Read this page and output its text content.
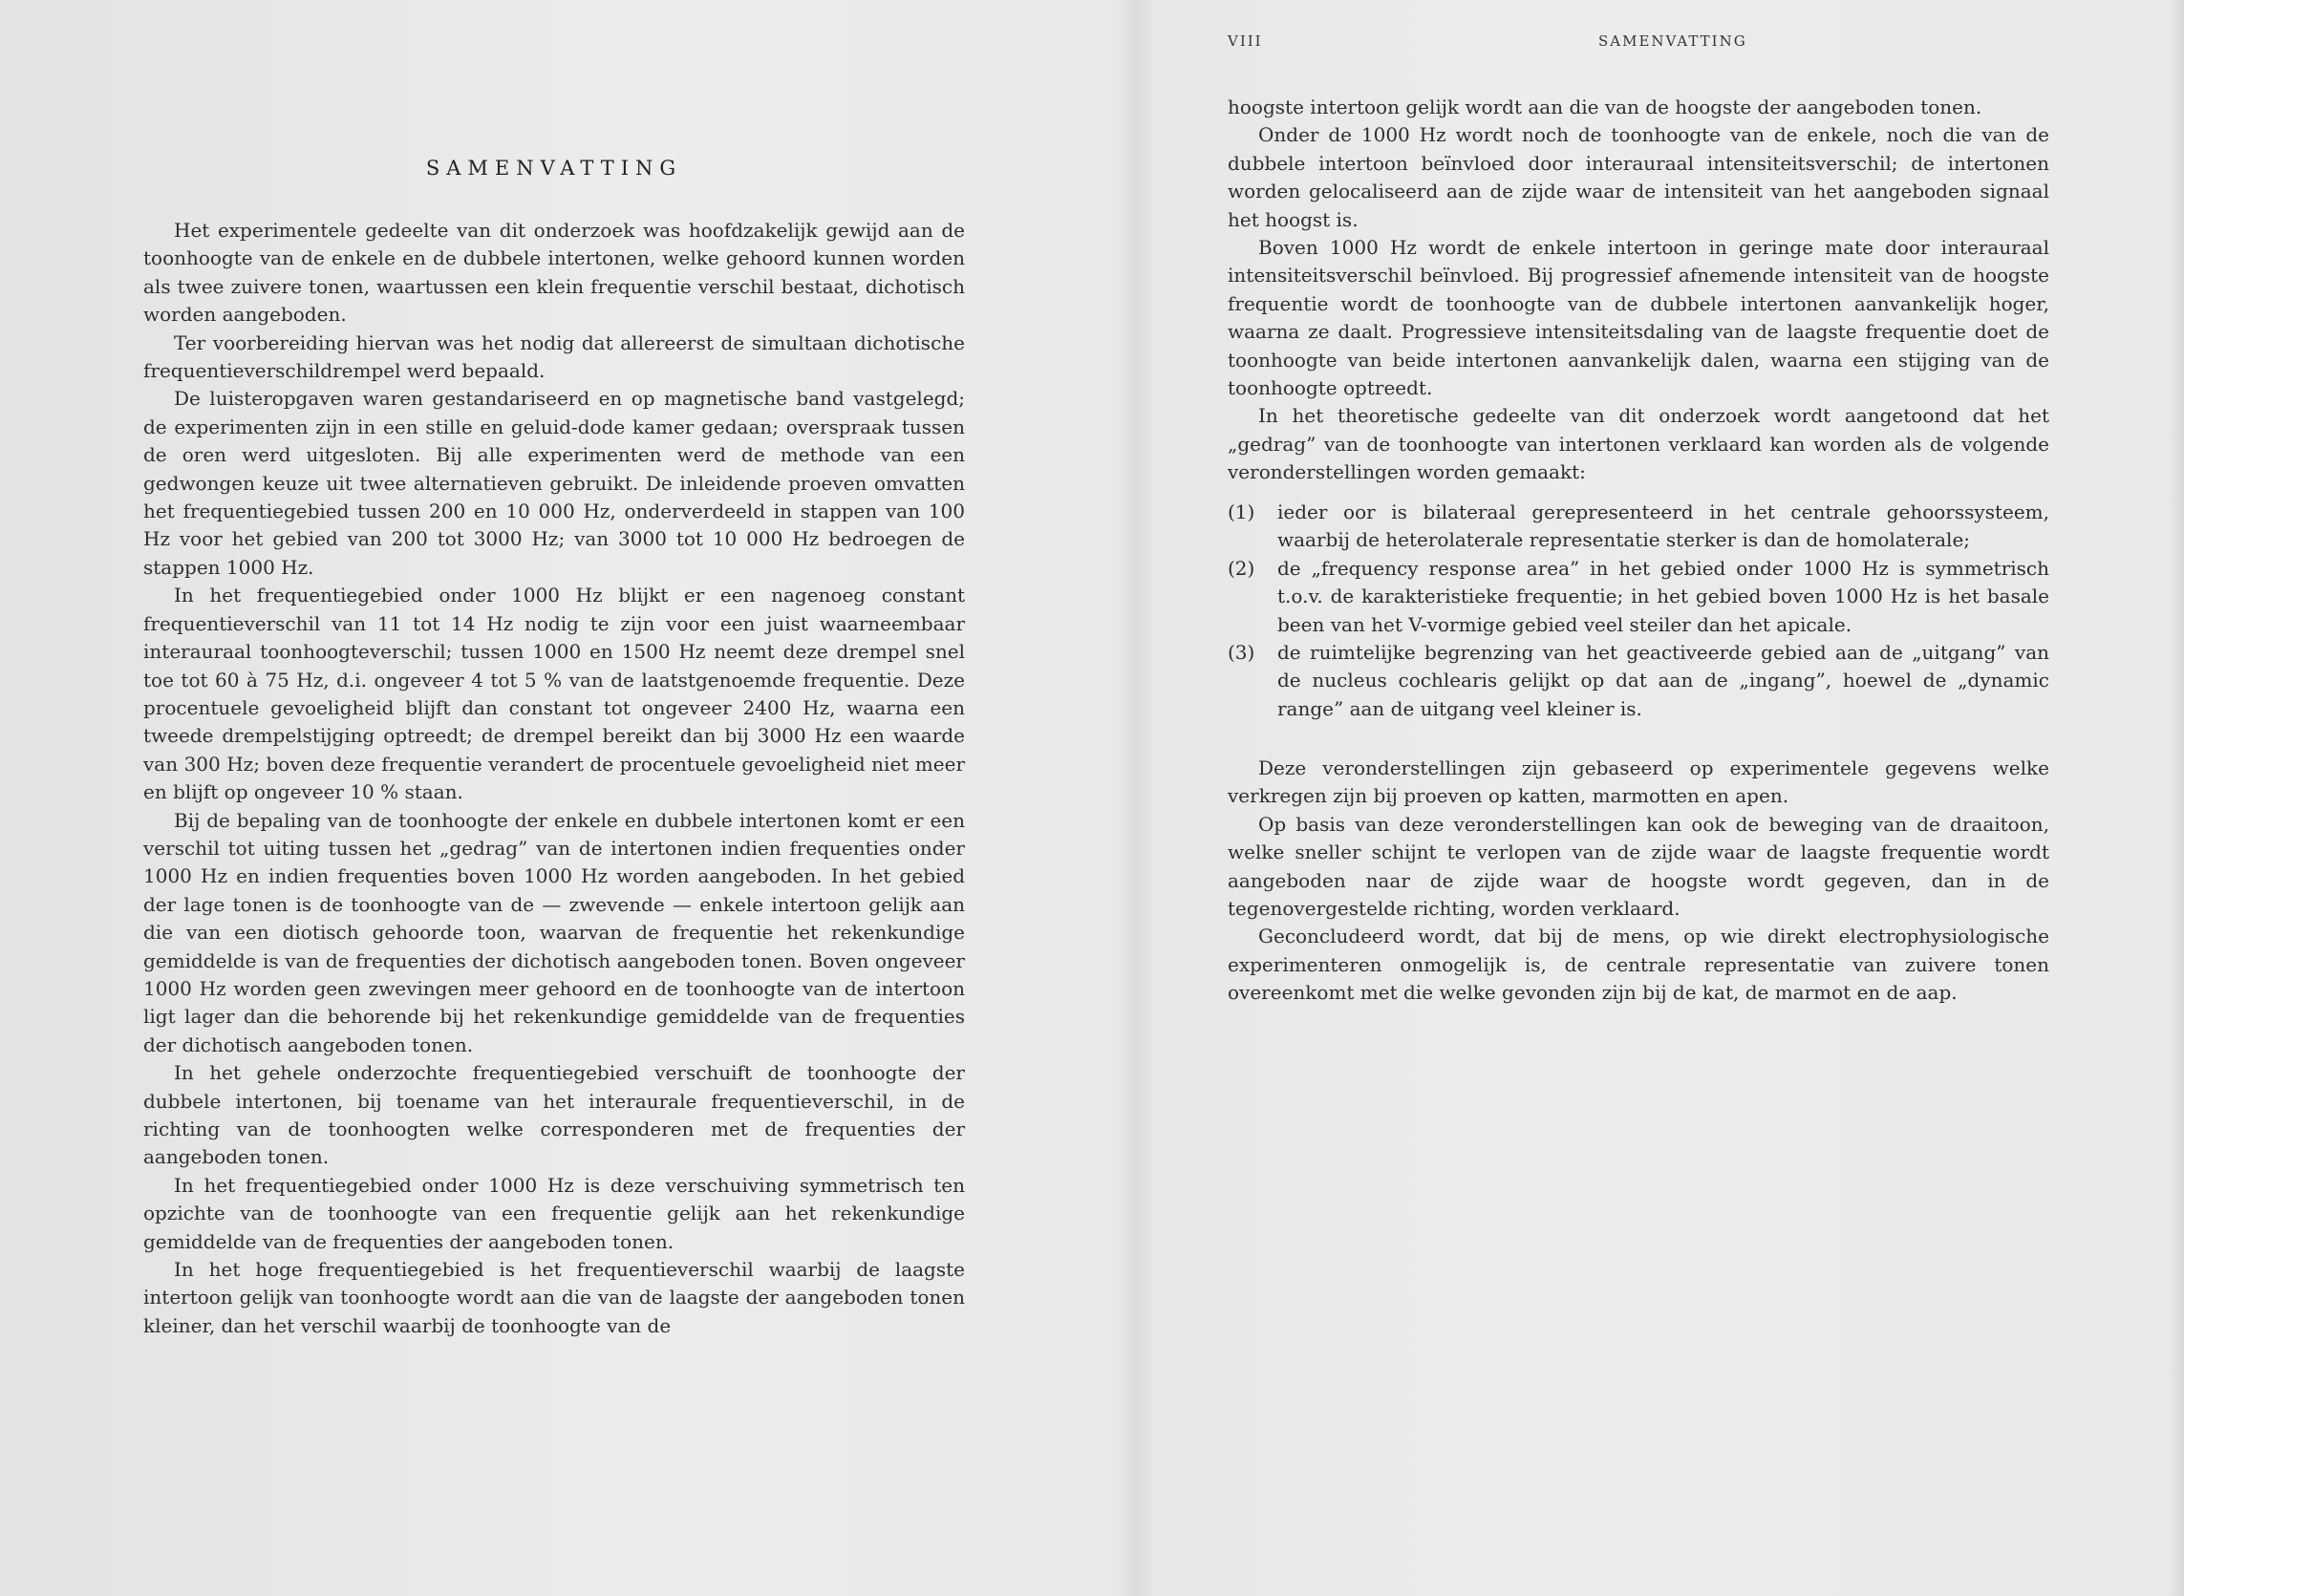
SAMENVATTING

Het experimentele gedeelte van dit onderzoek was hoofdzakelijk gewijd aan de toonhoogte van de enkele en de dubbele intertonen, welke gehoord kunnen worden als twee zuivere tonen, waartussen een klein frequentie verschil bestaat, dichotisch worden aangeboden.

Ter voorbereiding hiervan was het nodig dat allereerst de simultaan dichotische frequentieverschildrempel werd bepaald.

De luisteropgaven waren gestandariseerd en op magnetische band vastgelegd; de experimenten zijn in een stille en geluid-dode kamer gedaan; overspraak tussen de oren werd uitgesloten. Bij alle experimenten werd de methode van een gedwongen keuze uit twee alternatieven gebruikt. De inleidende proeven omvatten het frequentiegebied tussen 200 en 10 000 Hz, onderverdeeld in stappen van 100 Hz voor het gebied van 200 tot 3000 Hz; van 3000 tot 10 000 Hz bedroegen de stappen 1000 Hz.

In het frequentiegebied onder 1000 Hz blijkt er een nagenoeg constant frequentieverschil van 11 tot 14 Hz nodig te zijn voor een juist waarneembaar interauraal toonhoogteverschil; tussen 1000 en 1500 Hz neemt deze drempel snel toe tot 60 à 75 Hz, d.i. ongeveer 4 tot 5 % van de laatstgenoemde frequentie. Deze procentuele gevoeligheid blijft dan constant tot ongeveer 2400 Hz, waarna een tweede drempelstijging optreedt; de drempel bereikt dan bij 3000 Hz een waarde van 300 Hz; boven deze frequentie verandert de procentuele gevoeligheid niet meer en blijft op ongeveer 10 % staan.

Bij de bepaling van de toonhoogte der enkele en dubbele intertonen komt er een verschil tot uiting tussen het „gedrag” van de intertonen indien frequenties onder 1000 Hz en indien frequenties boven 1000 Hz worden aangeboden. In het gebied der lage tonen is de toonhoogte van de — zwevende — enkele intertoon gelijk aan die van een diotisch gehoorde toon, waarvan de frequentie het rekenkundige gemiddelde is van de frequenties der dichotisch aangeboden tonen. Boven ongeveer 1000 Hz worden geen zwevingen meer gehoord en de toonhoogte van de intertoon ligt lager dan die behorende bij het rekenkundige gemiddelde van de frequenties der dichotisch aangeboden tonen.

In het gehele onderzochte frequentiegebied verschuift de toonhoogte der dubbele intertonen, bij toename van het interaurale frequentieverschil, in de richting van de toonhoogten welke corresponderen met de frequenties der aangeboden tonen.

In het frequentiegebied onder 1000 Hz is deze verschuiving symmetrisch ten opzichte van de toonhoogte van een frequentie gelijk aan het rekenkundige gemiddelde van de frequenties der aangeboden tonen.

In het hoge frequentiegebied is het frequentieverschil waarbij de laagste intertoon gelijk van toonhoogte wordt aan die van de laagste der aangeboden tonen kleiner, dan het verschil waarbij de toonhoogte van de

VIII	SAMENVATTING

hoogste intertoon gelijk wordt aan die van de hoogste der aangeboden tonen.

Onder de 1000 Hz wordt noch de toonhoogte van de enkele, noch die van de dubbele intertoon beïnvloed door interauraal intensiteitsverschil; de intertonen worden gelocaliseerd aan de zijde waar de intensiteit van het aangeboden signaal het hoogst is.

Boven 1000 Hz wordt de enkele intertoon in geringe mate door interauraal intensiteitsverschil beïnvloed. Bij progressief afnemende intensiteit van de hoogste frequentie wordt de toonhoogte van de dubbele intertonen aanvankelijk hoger, waarna ze daalt. Progressieve intensiteitsdaling van de laagste frequentie doet de toonhoogte van beide intertonen aanvankelijk dalen, waarna een stijging van de toonhoogte optreedt.

In het theoretische gedeelte van dit onderzoek wordt aangetoond dat het „gedrag” van de toonhoogte van intertonen verklaard kan worden als de volgende veronderstellingen worden gemaakt:

(1) ieder oor is bilateraal gerepresenteerd in het centrale gehoorssysteem, waarbij de heterolaterale representatie sterker is dan de homolaterale;
(2) de „frequency response area” in het gebied onder 1000 Hz is symmetrisch t.o.v. de karakteristieke frequentie; in het gebied boven 1000 Hz is het basale been van het V-vormige gebied veel steiler dan het apicale.
(3) de ruimtelijke begrenzing van het geactiveerde gebied aan de „uitgang” van de nucleus cochlearis gelijkt op dat aan de „ingang”, hoewel de „dynamic range” aan de uitgang veel kleiner is.

Deze veronderstellingen zijn gebaseerd op experimentele gegevens welke verkregen zijn bij proeven op katten, marmotten en apen.

Op basis van deze veronderstellingen kan ook de beweging van de draaitoon, welke sneller schijnt te verlopen van de zijde waar de laagste frequentie wordt aangeboden naar de zijde waar de hoogste wordt gegeven, dan in de tegenovergestelde richting, worden verklaard.

Geconcludeerd wordt, dat bij de mens, op wie direkt electrophysiologische experimenteren onmogelijk is, de centrale representatie van zuivere tonen overeenkomt met die welke gevonden zijn bij de kat, de marmot en de aap.
